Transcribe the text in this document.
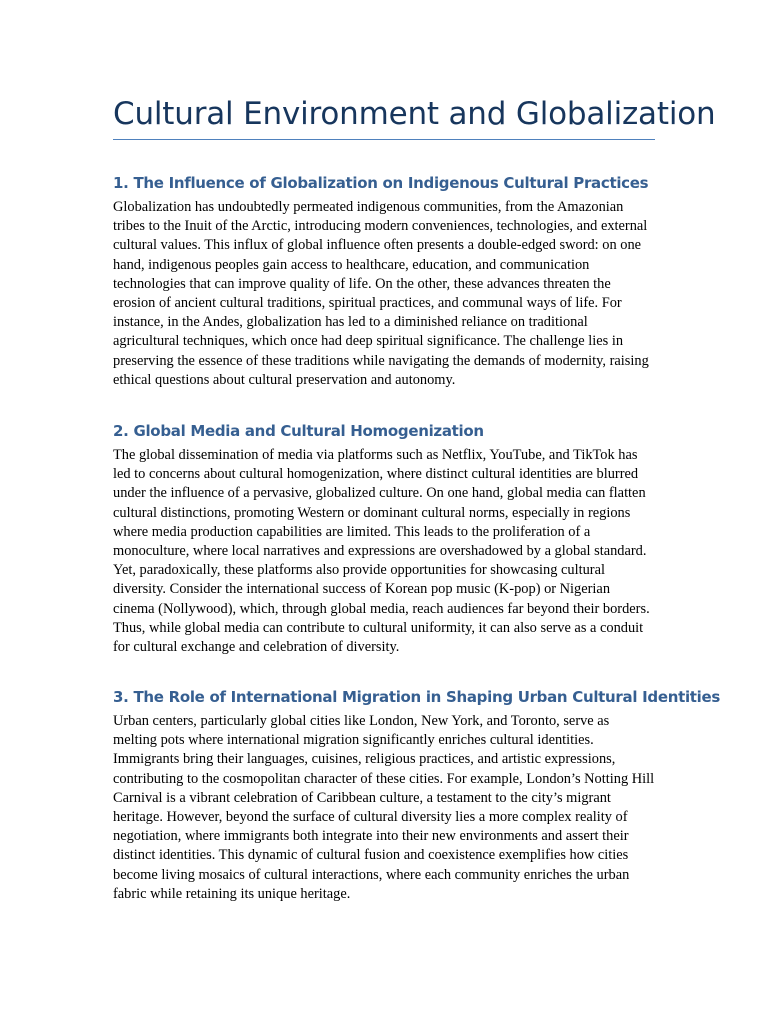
Cultural Environment and Globalization
1. The Influence of Globalization on Indigenous Cultural Practices

Globalization has undoubtedly permeated indigenous communities, from the Amazonian tribes to the Inuit of the Arctic, introducing modern conveniences, technologies, and external cultural values. This influx of global influence often presents a double-edged sword: on one hand, indigenous peoples gain access to healthcare, education, and communication technologies that can improve quality of life. On the other, these advances threaten the erosion of ancient cultural traditions, spiritual practices, and communal ways of life. For instance, in the Andes, globalization has led to a diminished reliance on traditional agricultural techniques, which once had deep spiritual significance. The challenge lies in preserving the essence of these traditions while navigating the demands of modernity, raising ethical questions about cultural preservation and autonomy.

2. Global Media and Cultural Homogenization

The global dissemination of media via platforms such as Netflix, YouTube, and TikTok has led to concerns about cultural homogenization, where distinct cultural identities are blurred under the influence of a pervasive, globalized culture. On one hand, global media can flatten cultural distinctions, promoting Western or dominant cultural norms, especially in regions where media production capabilities are limited. This leads to the proliferation of a monoculture, where local narratives and expressions are overshadowed by a global standard. Yet, paradoxically, these platforms also provide opportunities for showcasing cultural diversity. Consider the international success of Korean pop music (K-pop) or Nigerian cinema (Nollywood), which, through global media, reach audiences far beyond their borders. Thus, while global media can contribute to cultural uniformity, it can also serve as a conduit for cultural exchange and celebration of diversity.

3. The Role of International Migration in Shaping Urban Cultural Identities

Urban centers, particularly global cities like London, New York, and Toronto, serve as melting pots where international migration significantly enriches cultural identities. Immigrants bring their languages, cuisines, religious practices, and artistic expressions, contributing to the cosmopolitan character of these cities. For example, London’s Notting Hill Carnival is a vibrant celebration of Caribbean culture, a testament to the city’s migrant heritage. However, beyond the surface of cultural diversity lies a more complex reality of negotiation, where immigrants both integrate into their new environments and assert their distinct identities. This dynamic of cultural fusion and coexistence exemplifies how cities become living mosaics of cultural interactions, where each community enriches the urban fabric while retaining its unique heritage.
